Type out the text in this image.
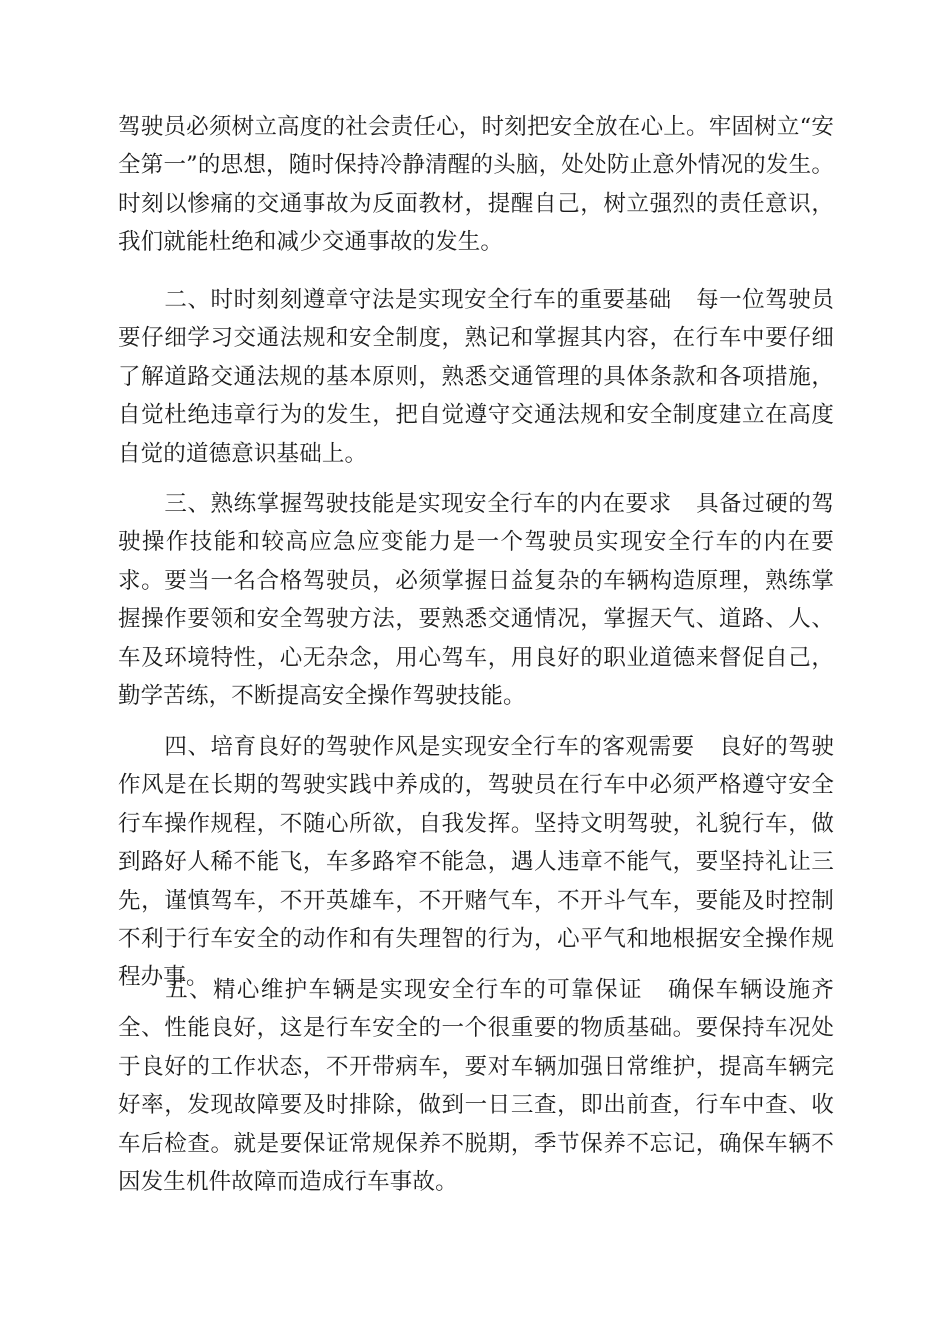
驾驶员必须树立高度的社会责任心，时刻把安全放在心上。牢固树立“安全第一”的思想，随时保持冷静清醒的头脑，处处防止意外情况的发生。时刻以惨痛的交通事故为反面教材，提醒自己，树立强烈的责任意识，我们就能杜绝和减少交通事故的发生。

二、时时刻刻遵章守法是实现安全行车的重要基础 每一位驾驶员要仔细学习交通法规和安全制度，熟记和掌握其内容，在行车中要仔细了解道路交通法规的基本原则，熟悉交通管理的具体条款和各项措施，自觉杜绝违章行为的发生，把自觉遵守交通法规和安全制度建立在高度自觉的道德意识基础上。

三、熟练掌握驾驶技能是实现安全行车的内在要求 具备过硬的驾驶操作技能和较高应急应变能力是一个驾驶员实现安全行车的内在要求。要当一名合格驾驶员，必须掌握日益复杂的车辆构造原理，熟练掌握操作要领和安全驾驶方法，要熟悉交通情况，掌握天气、道路、人、车及环境特性，心无杂念，用心驾车，用良好的职业道德来督促自己，勤学苦练，不断提高安全操作驾驶技能。

四、培育良好的驾驶作风是实现安全行车的客观需要 良好的驾驶作风是在长期的驾驶实践中养成的，驾驶员在行车中必须严格遵守安全行车操作规程，不随心所欲，自我发挥。坚持文明驾驶，礼貌行车，做到路好人稀不能飞，车多路窄不能急，遇人违章不能气，要坚持礼让三先，谨慎驾车，不开英雄车，不开赌气车，不开斗气车，要能及时控制不利于行车安全的动作和有失理智的行为，心平气和地根据安全操作规程办事。

五、精心维护车辆是实现安全行车的可靠保证 确保车辆设施齐全、性能良好，这是行车安全的一个很重要的物质基础。要保持车况处于良好的工作状态，不开带病车，要对车辆加强日常维护，提高车辆完好率，发现故障要及时排除，做到一日三查，即出前查，行车中查、收车后检查。就是要保证常规保养不脱期，季节保养不忘记，确保车辆不因发生机件故障而造成行车事故。
